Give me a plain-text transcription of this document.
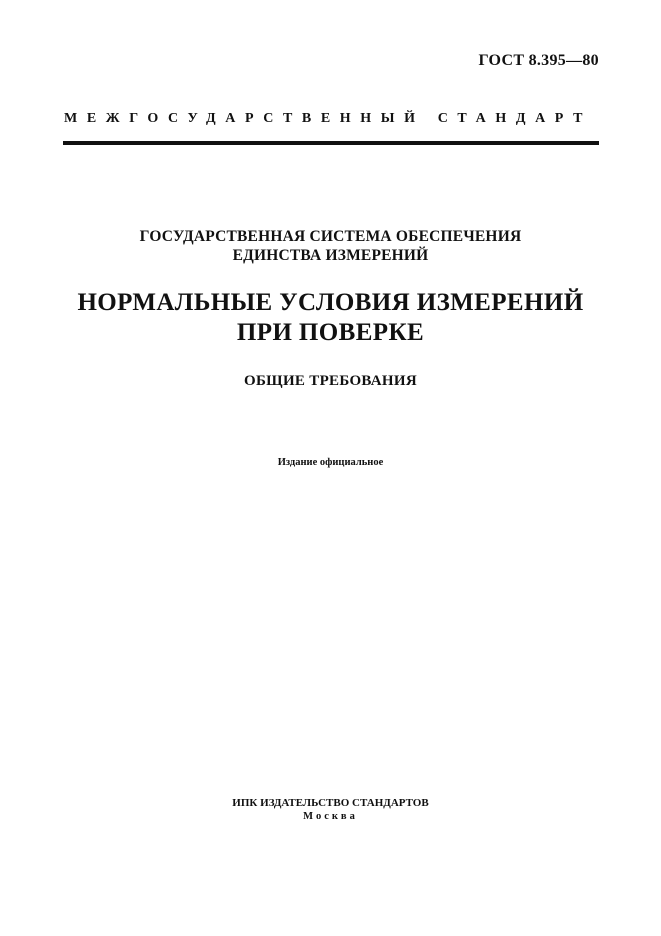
ГОСТ 8.395—80
МЕЖГОСУДАРСТВЕННЫЙ СТАНДАРТ
ГОСУДАРСТВЕННАЯ СИСТЕМА ОБЕСПЕЧЕНИЯ
ЕДИНСТВА ИЗМЕРЕНИЙ
НОРМАЛЬНЫЕ УСЛОВИЯ ИЗМЕРЕНИЙ
ПРИ ПОВЕРКЕ
ОБЩИЕ ТРЕБОВАНИЯ
Издание официальное
ИПК ИЗДАТЕЛЬСТВО СТАНДАРТОВ
Москва
